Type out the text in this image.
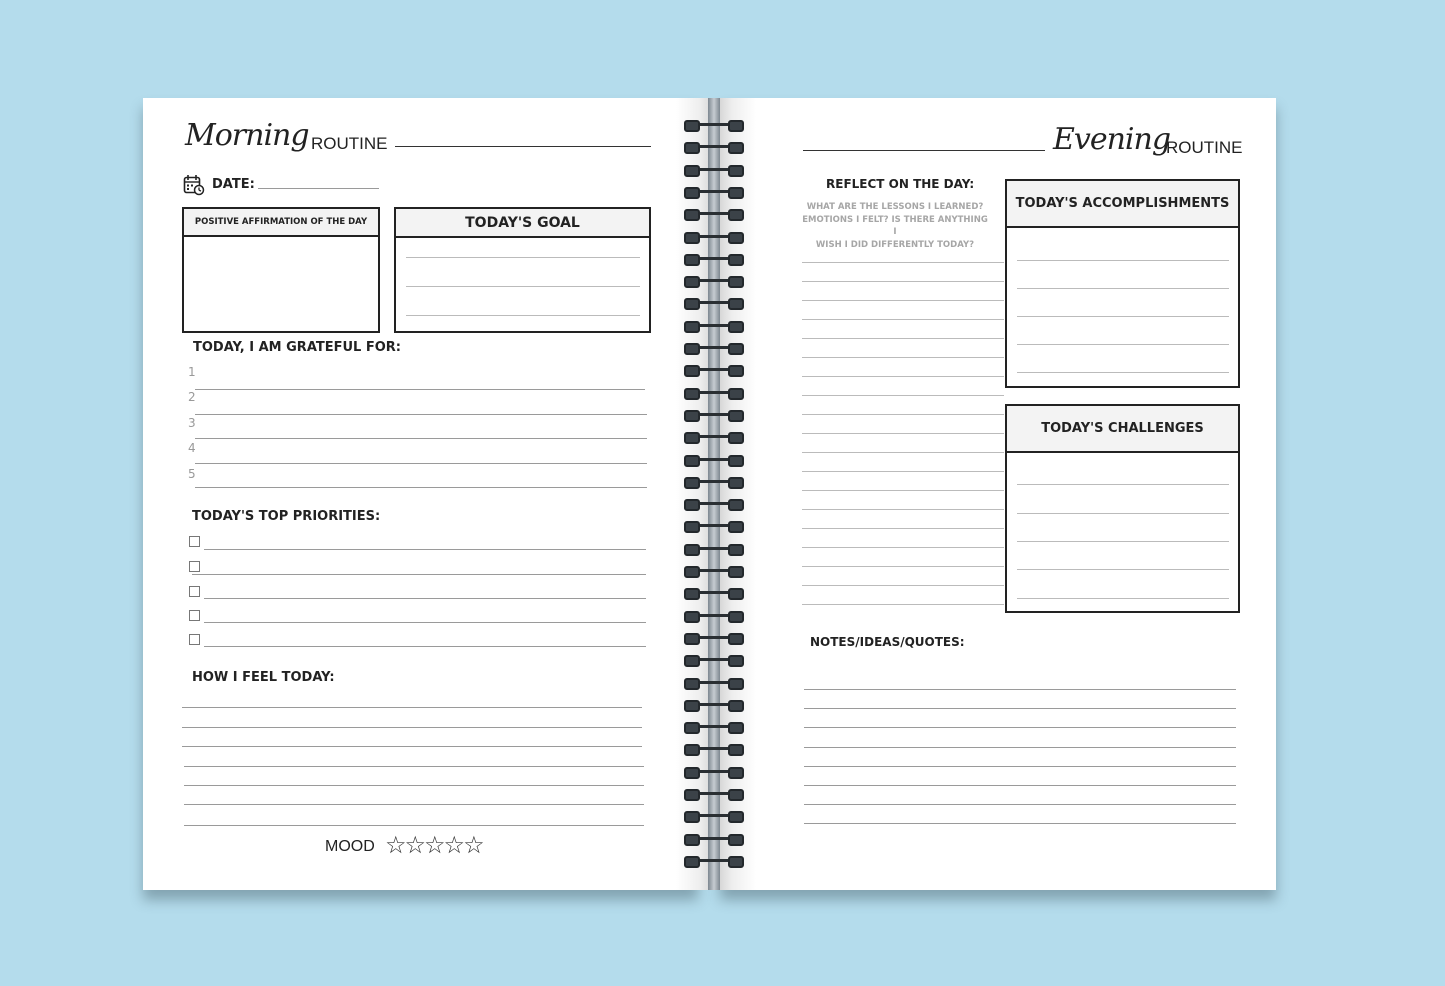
Morning ROUTINE
DATE:
POSITIVE AFFIRMATION OF THE DAY	TODAY'S GOAL
TODAY, I AM GRATEFUL FOR:
1
2
3
4
5
TODAY'S TOP PRIORITIES:
HOW I FEEL TODAY:
MOOD ☆☆☆☆☆
Evening
ROUTINE
REFLECT ON THE DAY:
WHAT ARE THE LESSONS I LEARNED?
EMOTIONS I FELT? IS THERE ANYTHING I
WISH I DID DIFFERENTLY TODAY?
TODAY'S ACCOMPLISHMENTS
TODAY'S CHALLENGES
NOTES/IDEAS/QUOTES:
